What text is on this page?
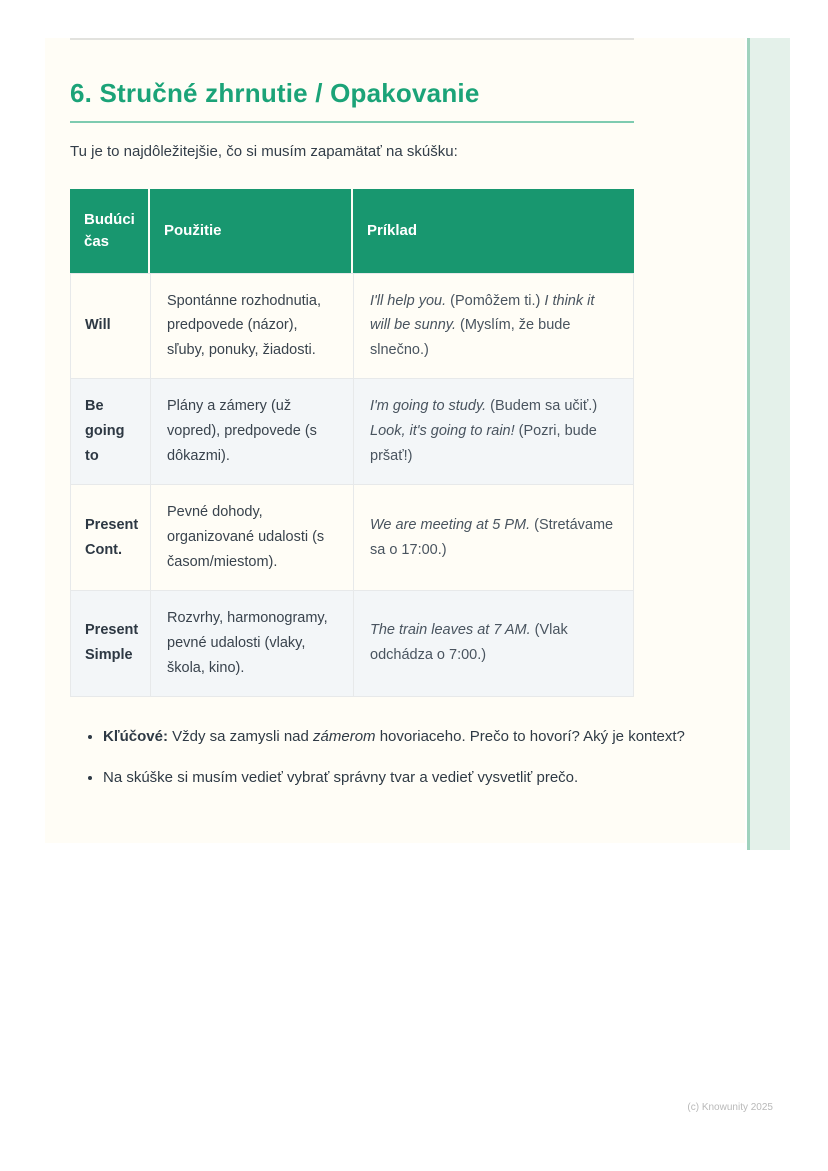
6. Stručné zhrnutie / Opakovanie

Tu je to najdôležitejšie, čo si musím zapamätať na skúšku:

Budúci čas
Použitie	Príklad
Will
Spontánne rozhodnutia, predpovede (názor), sľuby, ponuky, žiadosti.
I'll help you. (Pomôžem ti.) I think it will be sunny. (Myslím, že bude slnečno.)
Be going to
Plány a zámery (už vopred), predpovede (s dôkazmi).
I'm going to study. (Budem sa učiť.) Look, it's going to rain! (Pozri, bude pršať!)
Present Cont.
Pevné dohody, organizované udalosti (s časom/miestom).
We are meeting at 5 PM. (Stretávame sa o 17:00.)
Present Simple
Rozvrhy, harmonogramy, pevné udalosti (vlaky, škola, kino).
The train leaves at 7 AM. (Vlak odchádza o 7:00.)
• Kľúčové: Vždy sa zamysli nad zámerom hovoriaceho. Prečo to hovorí? Aký je kontext?
• Na skúške si musím vedieť vybrať správny tvar a vedieť vysvetliť prečo.
(c) Knowunity 2025
